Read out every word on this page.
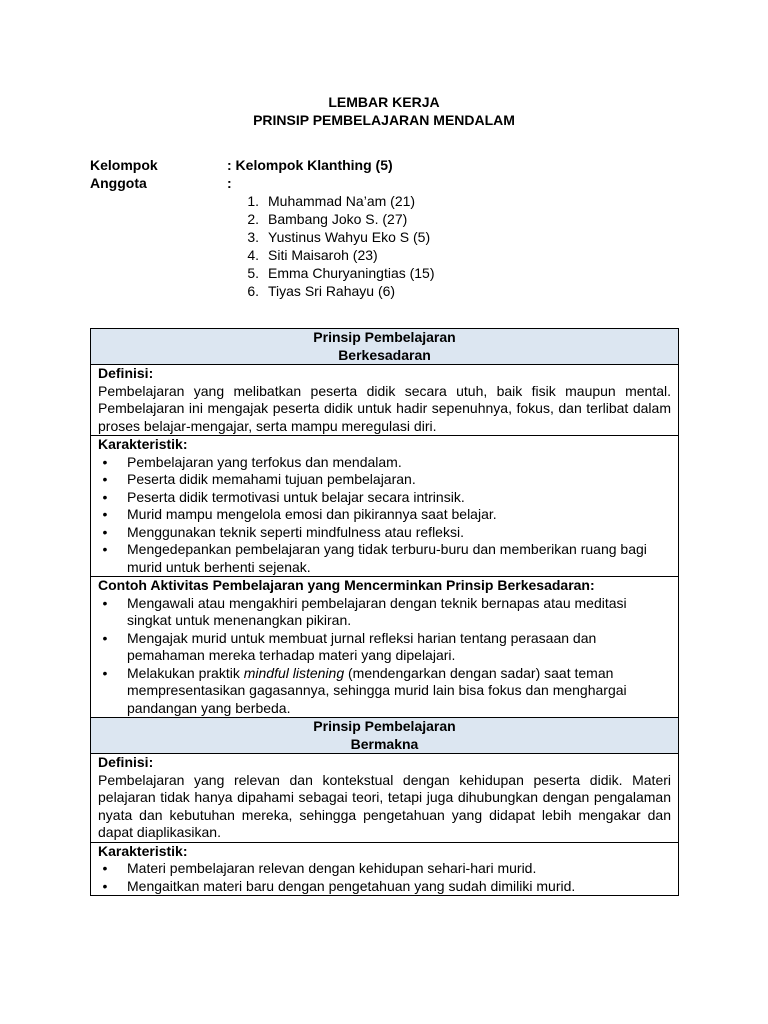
LEMBAR KERJA
PRINSIP PEMBELAJARAN MENDALAM
Kelompok	: Kelompok Klanthing (5)
Anggota	:
1. Muhammad Na’am (21)
2. Bambang Joko S. (27)
3. Yustinus Wahyu Eko S (5)
4. Siti Maisaroh (23)
5. Emma Churyaningtias (15)
6. Tiyas Sri Rahayu (6)
Prinsip Pembelajaran
Berkesadaran

Definisi:
Pembelajaran yang melibatkan peserta didik secara utuh, baik fisik maupun mental. Pembelajaran ini mengajak peserta didik untuk hadir sepenuhnya, fokus, dan terlibat dalam proses belajar-mengajar, serta mampu meregulasi diri.

Karakteristik:
•	Pembelajaran yang terfokus dan mendalam.
•	Peserta didik memahami tujuan pembelajaran.
•	Peserta didik termotivasi untuk belajar secara intrinsik.
•	Murid mampu mengelola emosi dan pikirannya saat belajar.
•	Menggunakan teknik seperti mindfulness atau refleksi.
•	Mengedepankan pembelajaran yang tidak terburu-buru dan memberikan ruang bagi murid untuk berhenti sejenak.

Contoh Aktivitas Pembelajaran yang Mencerminkan Prinsip Berkesadaran:
•	Mengawali atau mengakhiri pembelajaran dengan teknik bernapas atau meditasi singkat untuk menenangkan pikiran.
•	Mengajak murid untuk membuat jurnal refleksi harian tentang perasaan dan pemahaman mereka terhadap materi yang dipelajari.
•	Melakukan praktik mindful listening (mendengarkan dengan sadar) saat teman mempresentasikan gagasannya, sehingga murid lain bisa fokus dan menghargai pandangan yang berbeda.

Prinsip Pembelajaran
Bermakna

Definisi:
Pembelajaran yang relevan dan kontekstual dengan kehidupan peserta didik. Materi pelajaran tidak hanya dipahami sebagai teori, tetapi juga dihubungkan dengan pengalaman nyata dan kebutuhan mereka, sehingga pengetahuan yang didapat lebih mengakar dan dapat diaplikasikan.

Karakteristik:
•	Materi pembelajaran relevan dengan kehidupan sehari-hari murid.
•	Mengaitkan materi baru dengan pengetahuan yang sudah dimiliki murid.
